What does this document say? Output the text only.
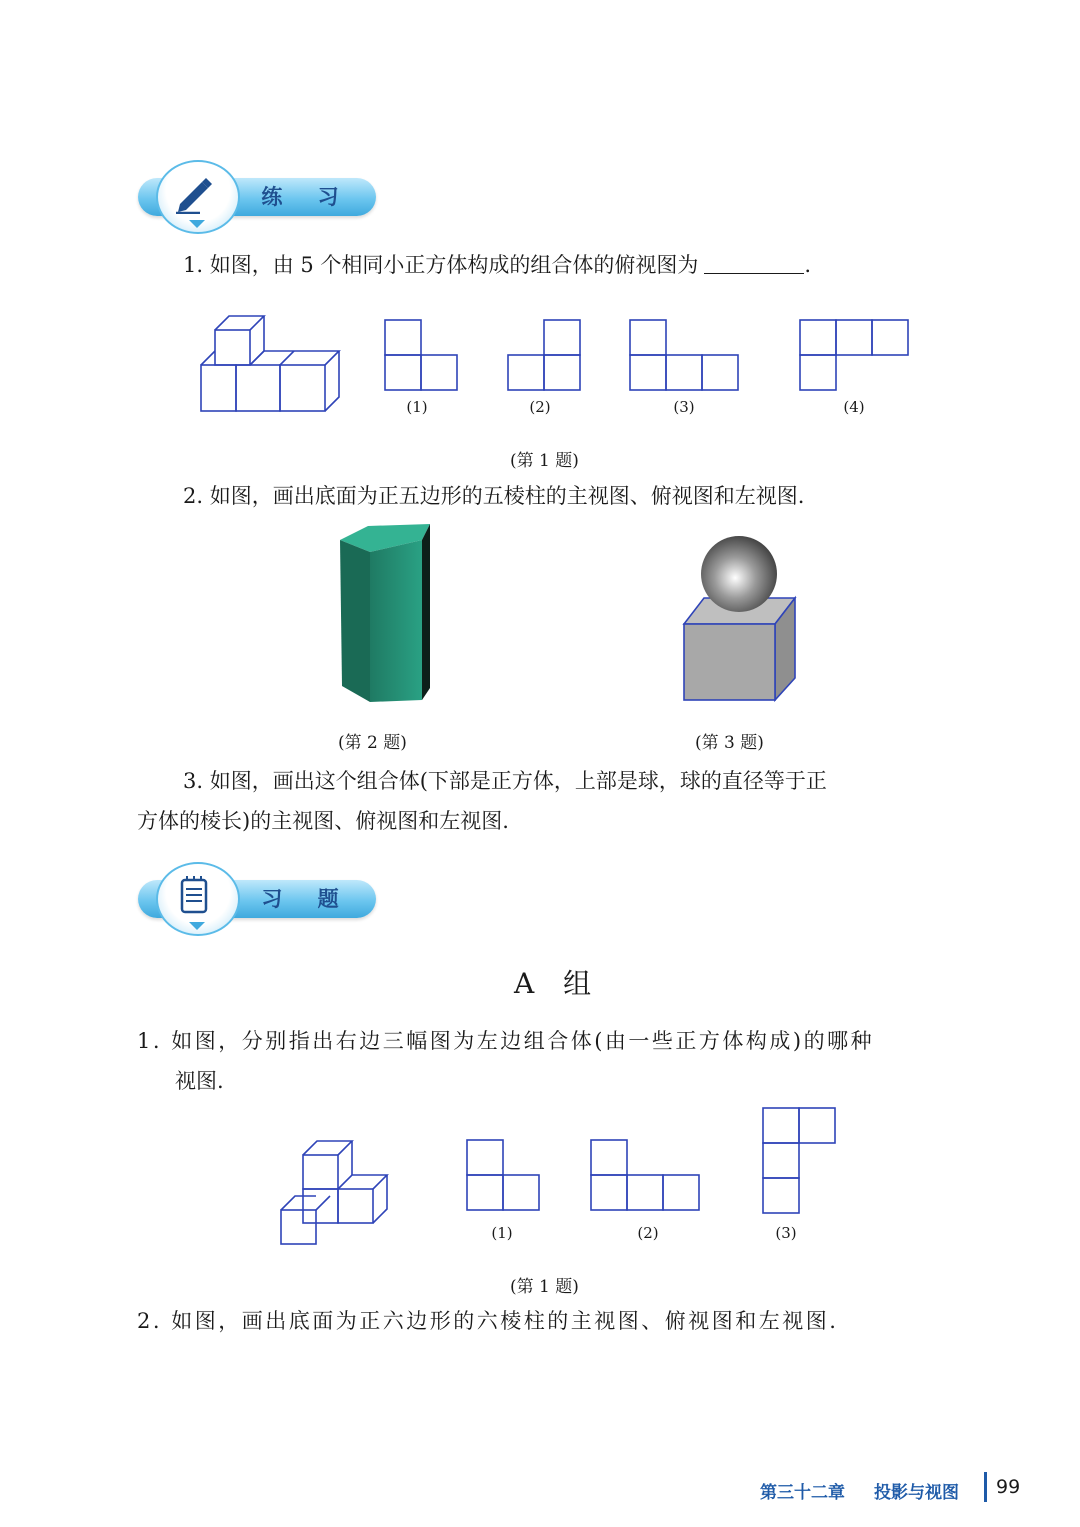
练 习
1. 如图，由 5 个相同小正方体构成的组合体的俯视图为	.
(1)	(2)	(3)	(4)
(第 1 题)
2. 如图，画出底面为正五边形的五棱柱的主视图、俯视图和左视图.
(第 2 题)	(第 3 题)
3. 如图，画出这个组合体(下部是正方体，上部是球，球的直径等于正
方体的棱长)的主视图、俯视图和左视图.
习 题
A 组
1. 如图，分别指出右边三幅图为左边组合体(由一些正方体构成)的哪种
视图.
(1)	(2)	(3)
(第 1 题)
2. 如图，画出底面为正六边形的六棱柱的主视图、俯视图和左视图.
第三十二章 投影与视图 99
